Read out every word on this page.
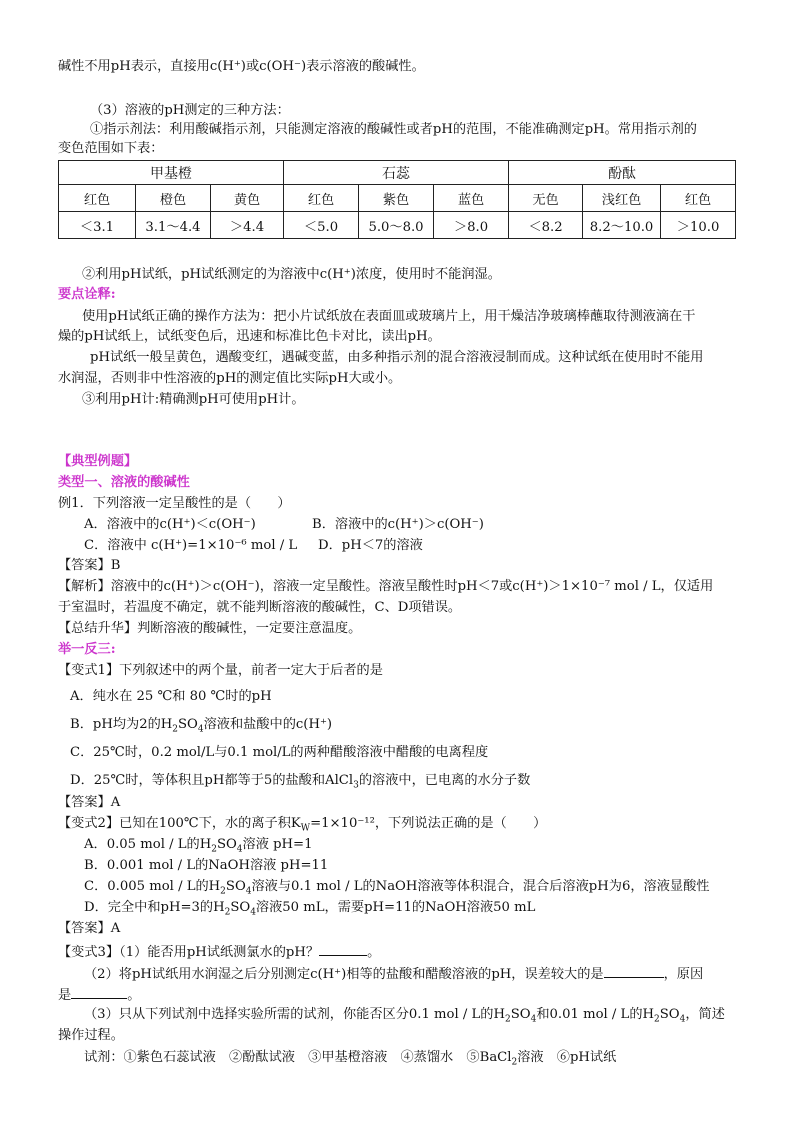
碱性不用pH表示，直接用c(H⁺)或c(OH⁻)表示溶液的酸碱性。
（3）溶液的pH测定的三种方法：
①指示剂法：利用酸碱指示剂，只能测定溶液的酸碱性或者pH的范围，不能准确测定pH。常用指示剂的
变色范围如下表：
甲基橙			石蕊			酚酞		
红色	橙色	黄色	红色	紫色	蓝色	无色	浅红色	红色
＜3.1	3.1～4.4	＞4.4	＜5.0	5.0～8.0	＞8.0	＜8.2	8.2～10.0	＞10.0
②利用pH试纸，pH试纸测定的为溶液中c(H⁺)浓度，使用时不能润湿。
要点诠释:
使用pH试纸正确的操作方法为：把小片试纸放在表面皿或玻璃片上，用干燥洁净玻璃棒蘸取待测液滴在干
燥的pH试纸上，试纸变色后，迅速和标准比色卡对比，读出pH。
pH试纸一般呈黄色，遇酸变红，遇碱变蓝，由多种指示剂的混合溶液浸制而成。这种试纸在使用时不能用
水润湿，否则非中性溶液的pH的测定值比实际pH大或小。
③利用pH计:精确测pH可使用pH计。
【典型例题】
类型一、溶液的酸碱性
例1．下列溶液一定呈酸性的是（　　）
A．溶液中的c(H⁺)＜c(OH⁻)	B．溶液中的c(H⁺)＞c(OH⁻)
C．溶液中 c(H⁺)=1×10⁻⁶ mol / L D．pH＜7的溶液
【答案】B
【解析】溶液中的c(H⁺)＞c(OH⁻)，溶液一定呈酸性。溶液呈酸性时pH＜7或c(H⁺)＞1×10⁻⁷ mol / L，仅适用
于室温时，若温度不确定，就不能判断溶液的酸碱性，C、D项错误。
【总结升华】判断溶液的酸碱性，一定要注意温度。
举一反三:
【变式1】下列叙述中的两个量，前者一定大于后者的是
A．纯水在 25 ℃和 80 ℃时的pH
B．pH均为2的$H_2SO_4$溶液和盐酸中的c(H⁺)
C．25℃时，0.2 mol/L与0.1 mol/L的两种醋酸溶液中醋酸的电离程度
D．25℃时，等体积且pH都等于5的盐酸和AlCl$_3$的溶液中，已电离的水分子数
【答案】A
【变式2】已知在100℃下，水的离子积$K_W=1\times 10^{-12}$，下列说法正确的是（　　）
A．0.05 mol / L的$H_2SO_4$溶液 pH=1
B．0.001 mol / L的NaOH溶液 pH=11
C．0.005 mol / L的$H_2SO_4$溶液与0.1 mol / L的NaOH溶液等体积混合，混合后溶液pH为6，溶液显酸性
D．完全中和pH=3的$H_2SO_4$溶液50 mL，需要pH=11的NaOH溶液50 mL
【答案】A
【变式3】（1）能否用pH试纸测氯水的pH？	。
（2）将pH试纸用水润湿之后分别测定c(H⁺)相等的盐酸和醋酸溶液的pH，误差较大的是	，原因
是	。
（3）只从下列试剂中选择实验所需的试剂，你能否区分0.1 mol / L的$H_2SO_4$和0.01 mol / L的$H_2SO_4$，简述
操作过程。
试剂：①紫色石蕊试液　②酚酞试液　③甲基橙溶液　④蒸馏水　⑤BaCl$_2$溶液　⑥pH试纸
